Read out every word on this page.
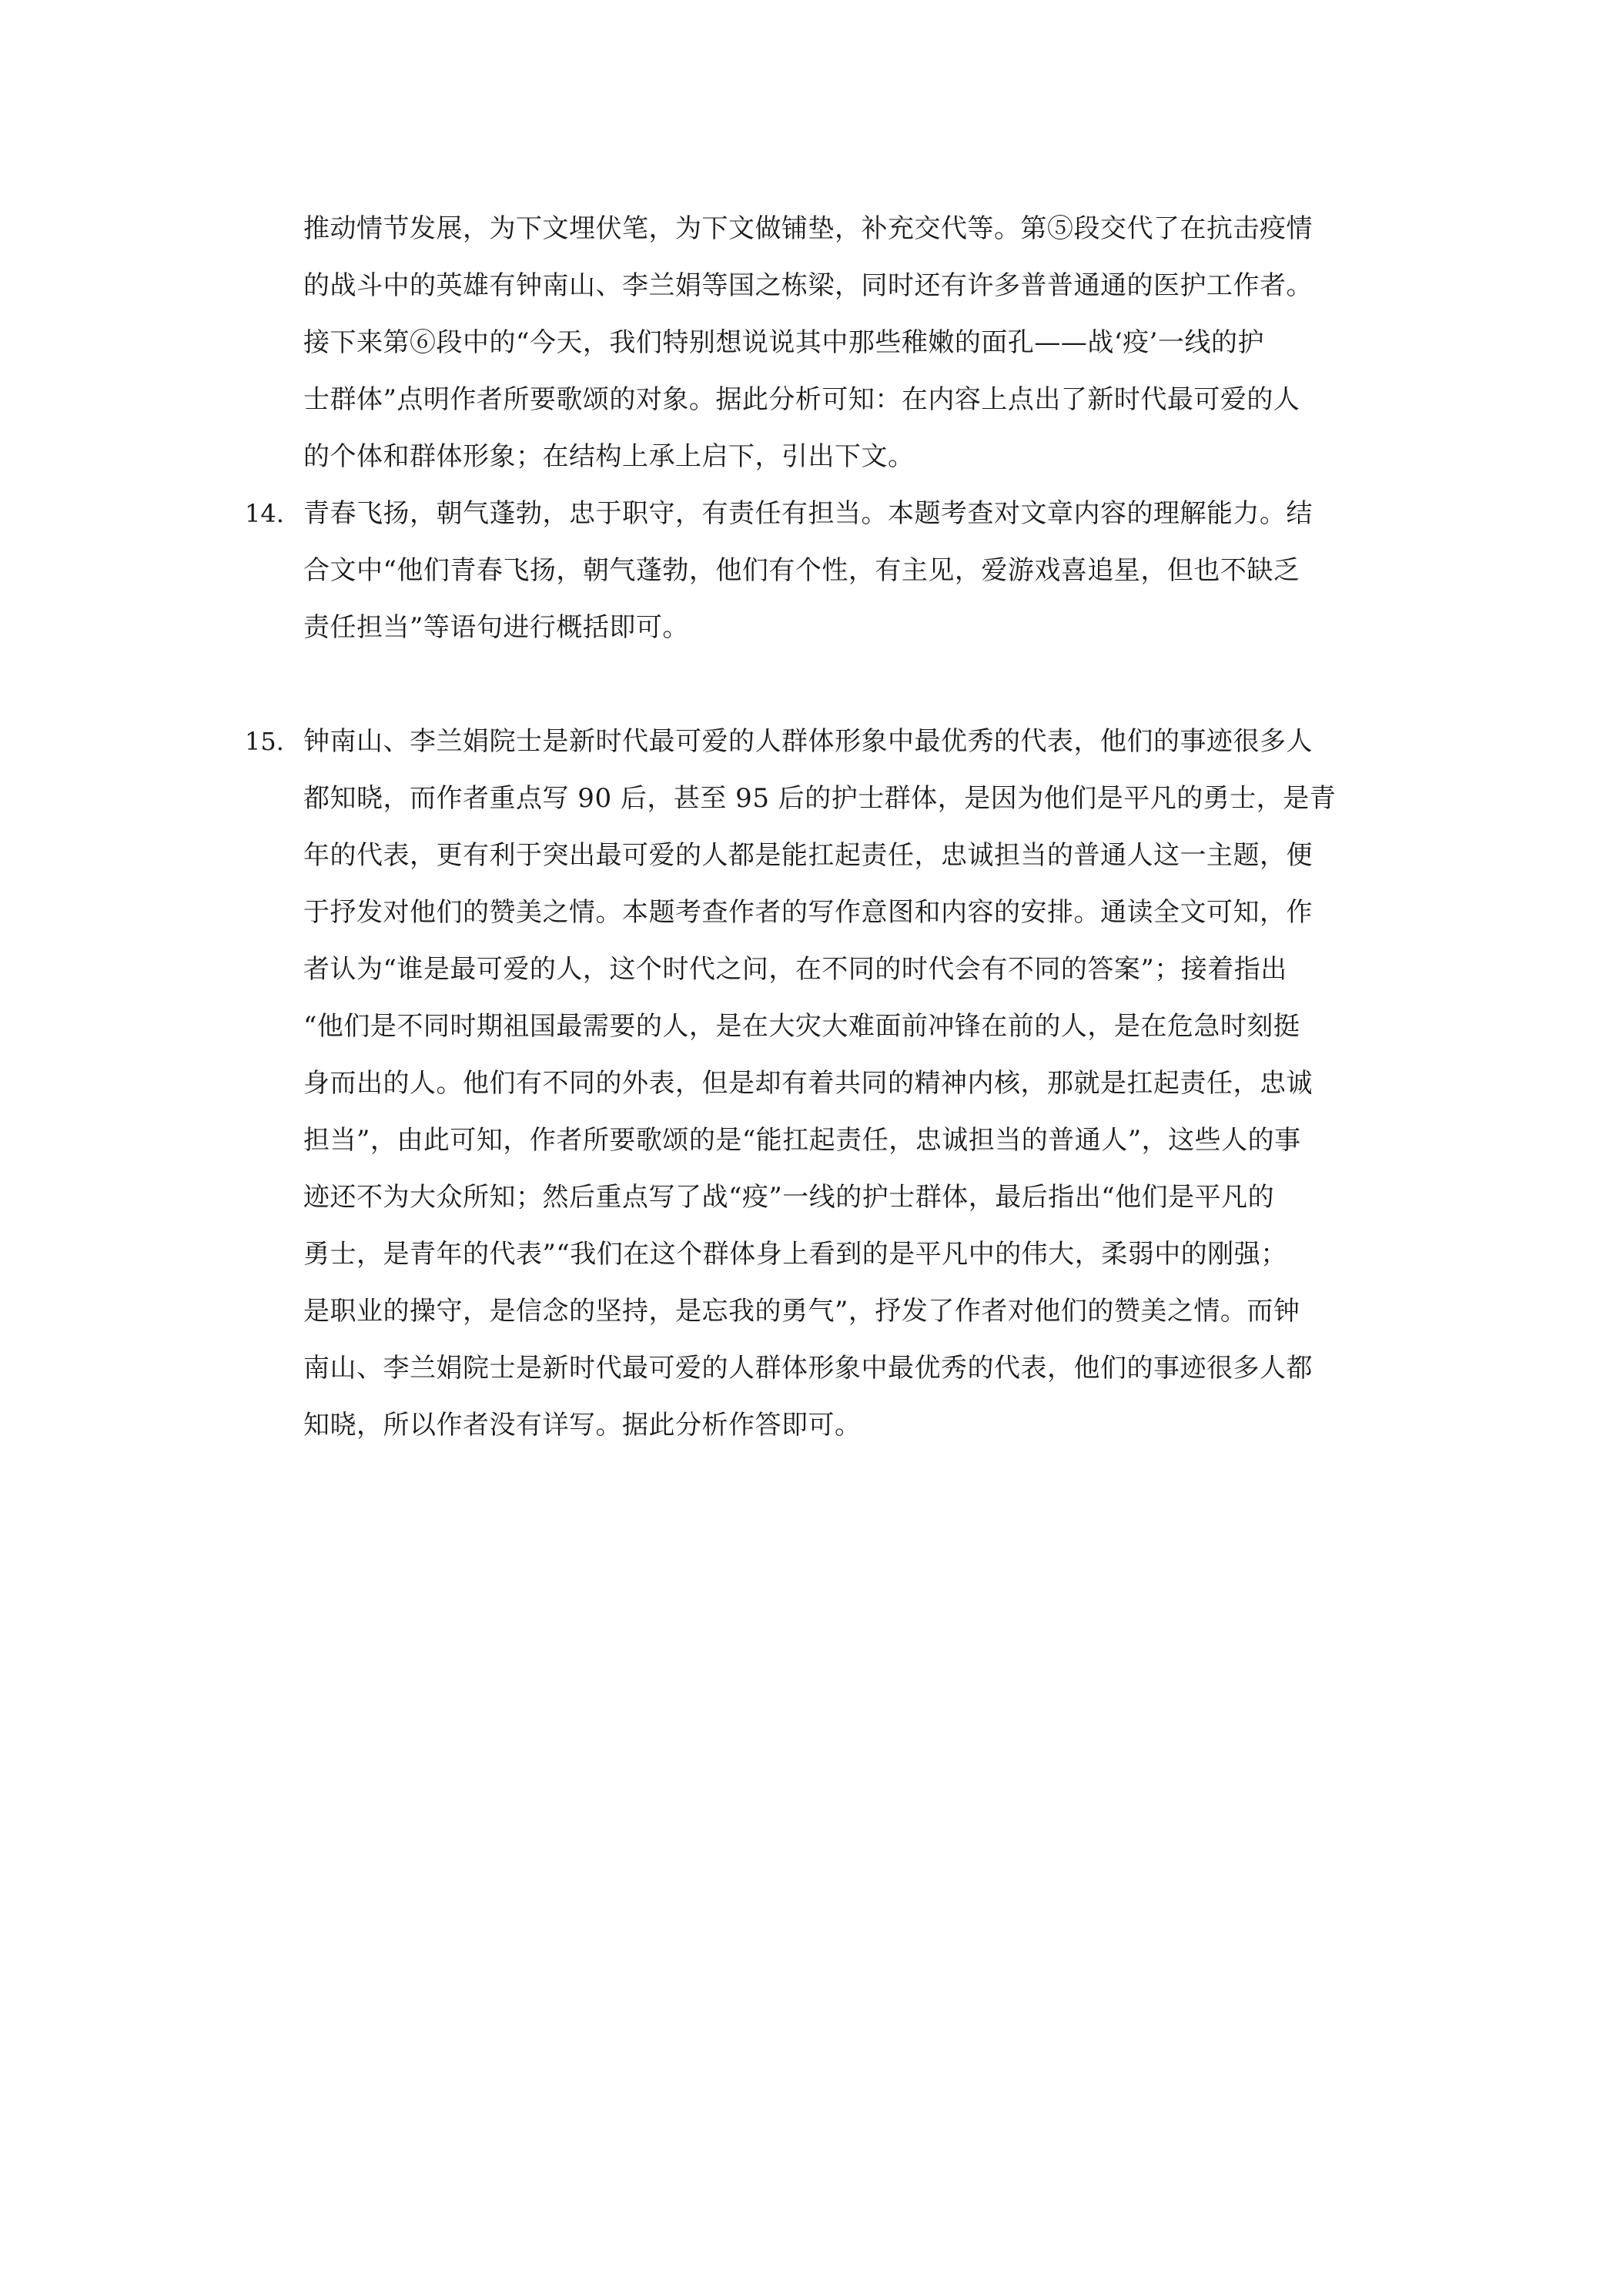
推动情节发展，为下文埋伏笔，为下文做铺垫，补充交代等。第⑤段交代了在抗击疫情
的战斗中的英雄有钟南山、李兰娟等国之栋梁，同时还有许多普普通通的医护工作者。
接下来第⑥段中的“今天，我们特别想说说其中那些稚嫩的面孔——战‘疫’一线的护
士群体”点明作者所要歌颂的对象。据此分析可知：在内容上点出了新时代最可爱的人
的个体和群体形象；在结构上承上启下，引出下文。
14. 青春飞扬，朝气蓬勃，忠于职守，有责任有担当。本题考查对文章内容的理解能力。结
合文中“他们青春飞扬，朝气蓬勃，他们有个性，有主见，爱游戏喜追星，但也不缺乏
责任担当”等语句进行概括即可。
15. 钟南山、李兰娟院士是新时代最可爱的人群体形象中最优秀的代表，他们的事迹很多人
都知晓，而作者重点写 90 后，甚至 95 后的护士群体，是因为他们是平凡的勇士，是青
年的代表，更有利于突出最可爱的人都是能扛起责任，忠诚担当的普通人这一主题，便
于抒发对他们的赞美之情。本题考查作者的写作意图和内容的安排。通读全文可知，作
者认为“谁是最可爱的人，这个时代之问，在不同的时代会有不同的答案”；接着指出
“他们是不同时期祖国最需要的人，是在大灾大难面前冲锋在前的人，是在危急时刻挺
身而出的人。他们有不同的外表，但是却有着共同的精神内核，那就是扛起责任，忠诚
担当”，由此可知，作者所要歌颂的是“能扛起责任，忠诚担当的普通人”，这些人的事
迹还不为大众所知；然后重点写了战“疫”一线的护士群体，最后指出“他们是平凡的
勇士，是青年的代表”“我们在这个群体身上看到的是平凡中的伟大，柔弱中的刚强；
是职业的操守，是信念的坚持，是忘我的勇气”，抒发了作者对他们的赞美之情。而钟
南山、李兰娟院士是新时代最可爱的人群体形象中最优秀的代表，他们的事迹很多人都
知晓，所以作者没有详写。据此分析作答即可。
